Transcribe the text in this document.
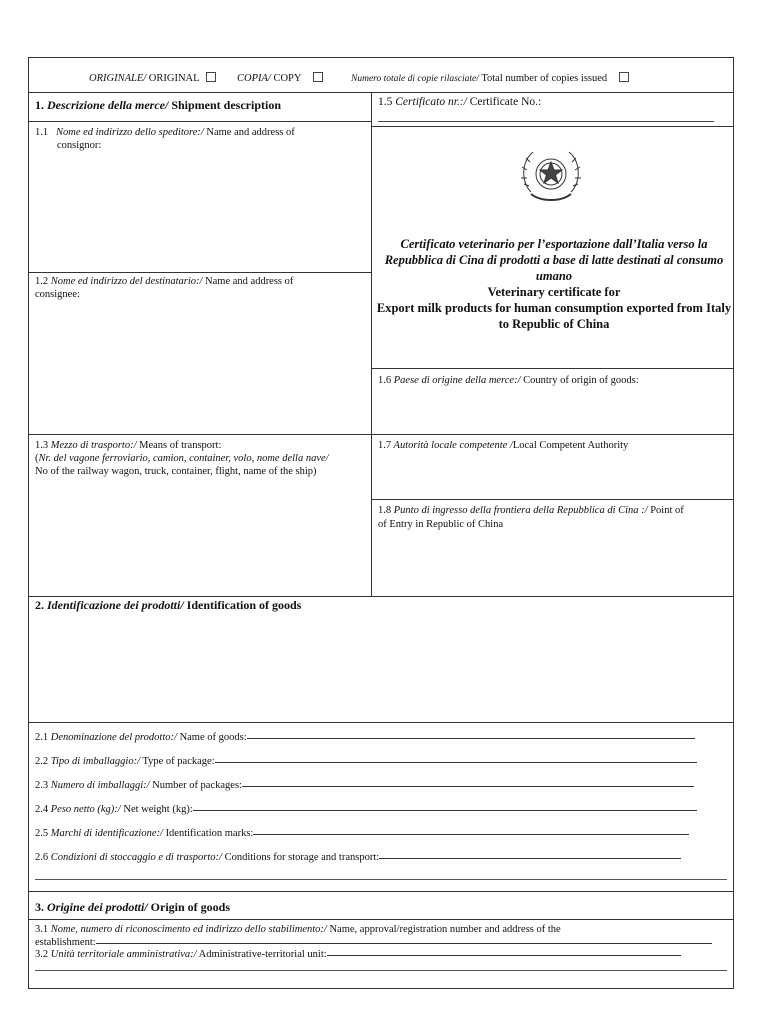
ORIGINALE/ ORIGINAL	COPIA/ COPY	Numero totale di copie rilasciate/ Total number of copies issued
1. Descrizione della merce/ Shipment description	1.5 Certificato nr.:/ Certificate No.:
1.1 Nome ed indirizzo dello speditore:/ Name and address of
consignor:
1.2 Nome ed indirizzo del destinatario:/ Name and address of
consignee:
Certificato veterinario per l’esportazione dall’Italia verso la Repubblica di Cina di prodotti a base di latte destinati al consumo umano
Veterinary certificate for
Export milk products for human consumption exported from Italy to Republic of China
1.6 Paese di origine della merce:/ Country of origin of goods:
1.3 Mezzo di trasporto:/ Means of transport:
(Nr. del vagone ferroviario, camion, container, volo, nome della nave/
No of the railway wagon, truck, container, flight, name of the ship)
1.7 Autorità locale competente /Local Competent Authority
1.8 Punto di ingresso della frontiera della Repubblica di Cina :/ Point of
of Entry in Republic of China
2. Identificazione dei prodotti/ Identification of goods
2.1 Denominazione del prodotto:/ Name of goods:
2.2 Tipo di imballaggio:/ Type of package:
2.3 Numero di imballaggi:/ Number of packages:
2.4 Peso netto (kg):/ Net weight (kg):
2.5 Marchi di identificazione:/ Identification marks:
2.6 Condizioni di stoccaggio e di trasporto:/ Conditions for storage and transport:
3. Origine dei prodotti/ Origin of goods
3.1 Nome, numero di riconoscimento ed indirizzo dello stabilimento:/ Name, approval/registration number and address of the
establishment:
3.2 Unità territoriale amministrativa:/ Administrative-territorial unit:
